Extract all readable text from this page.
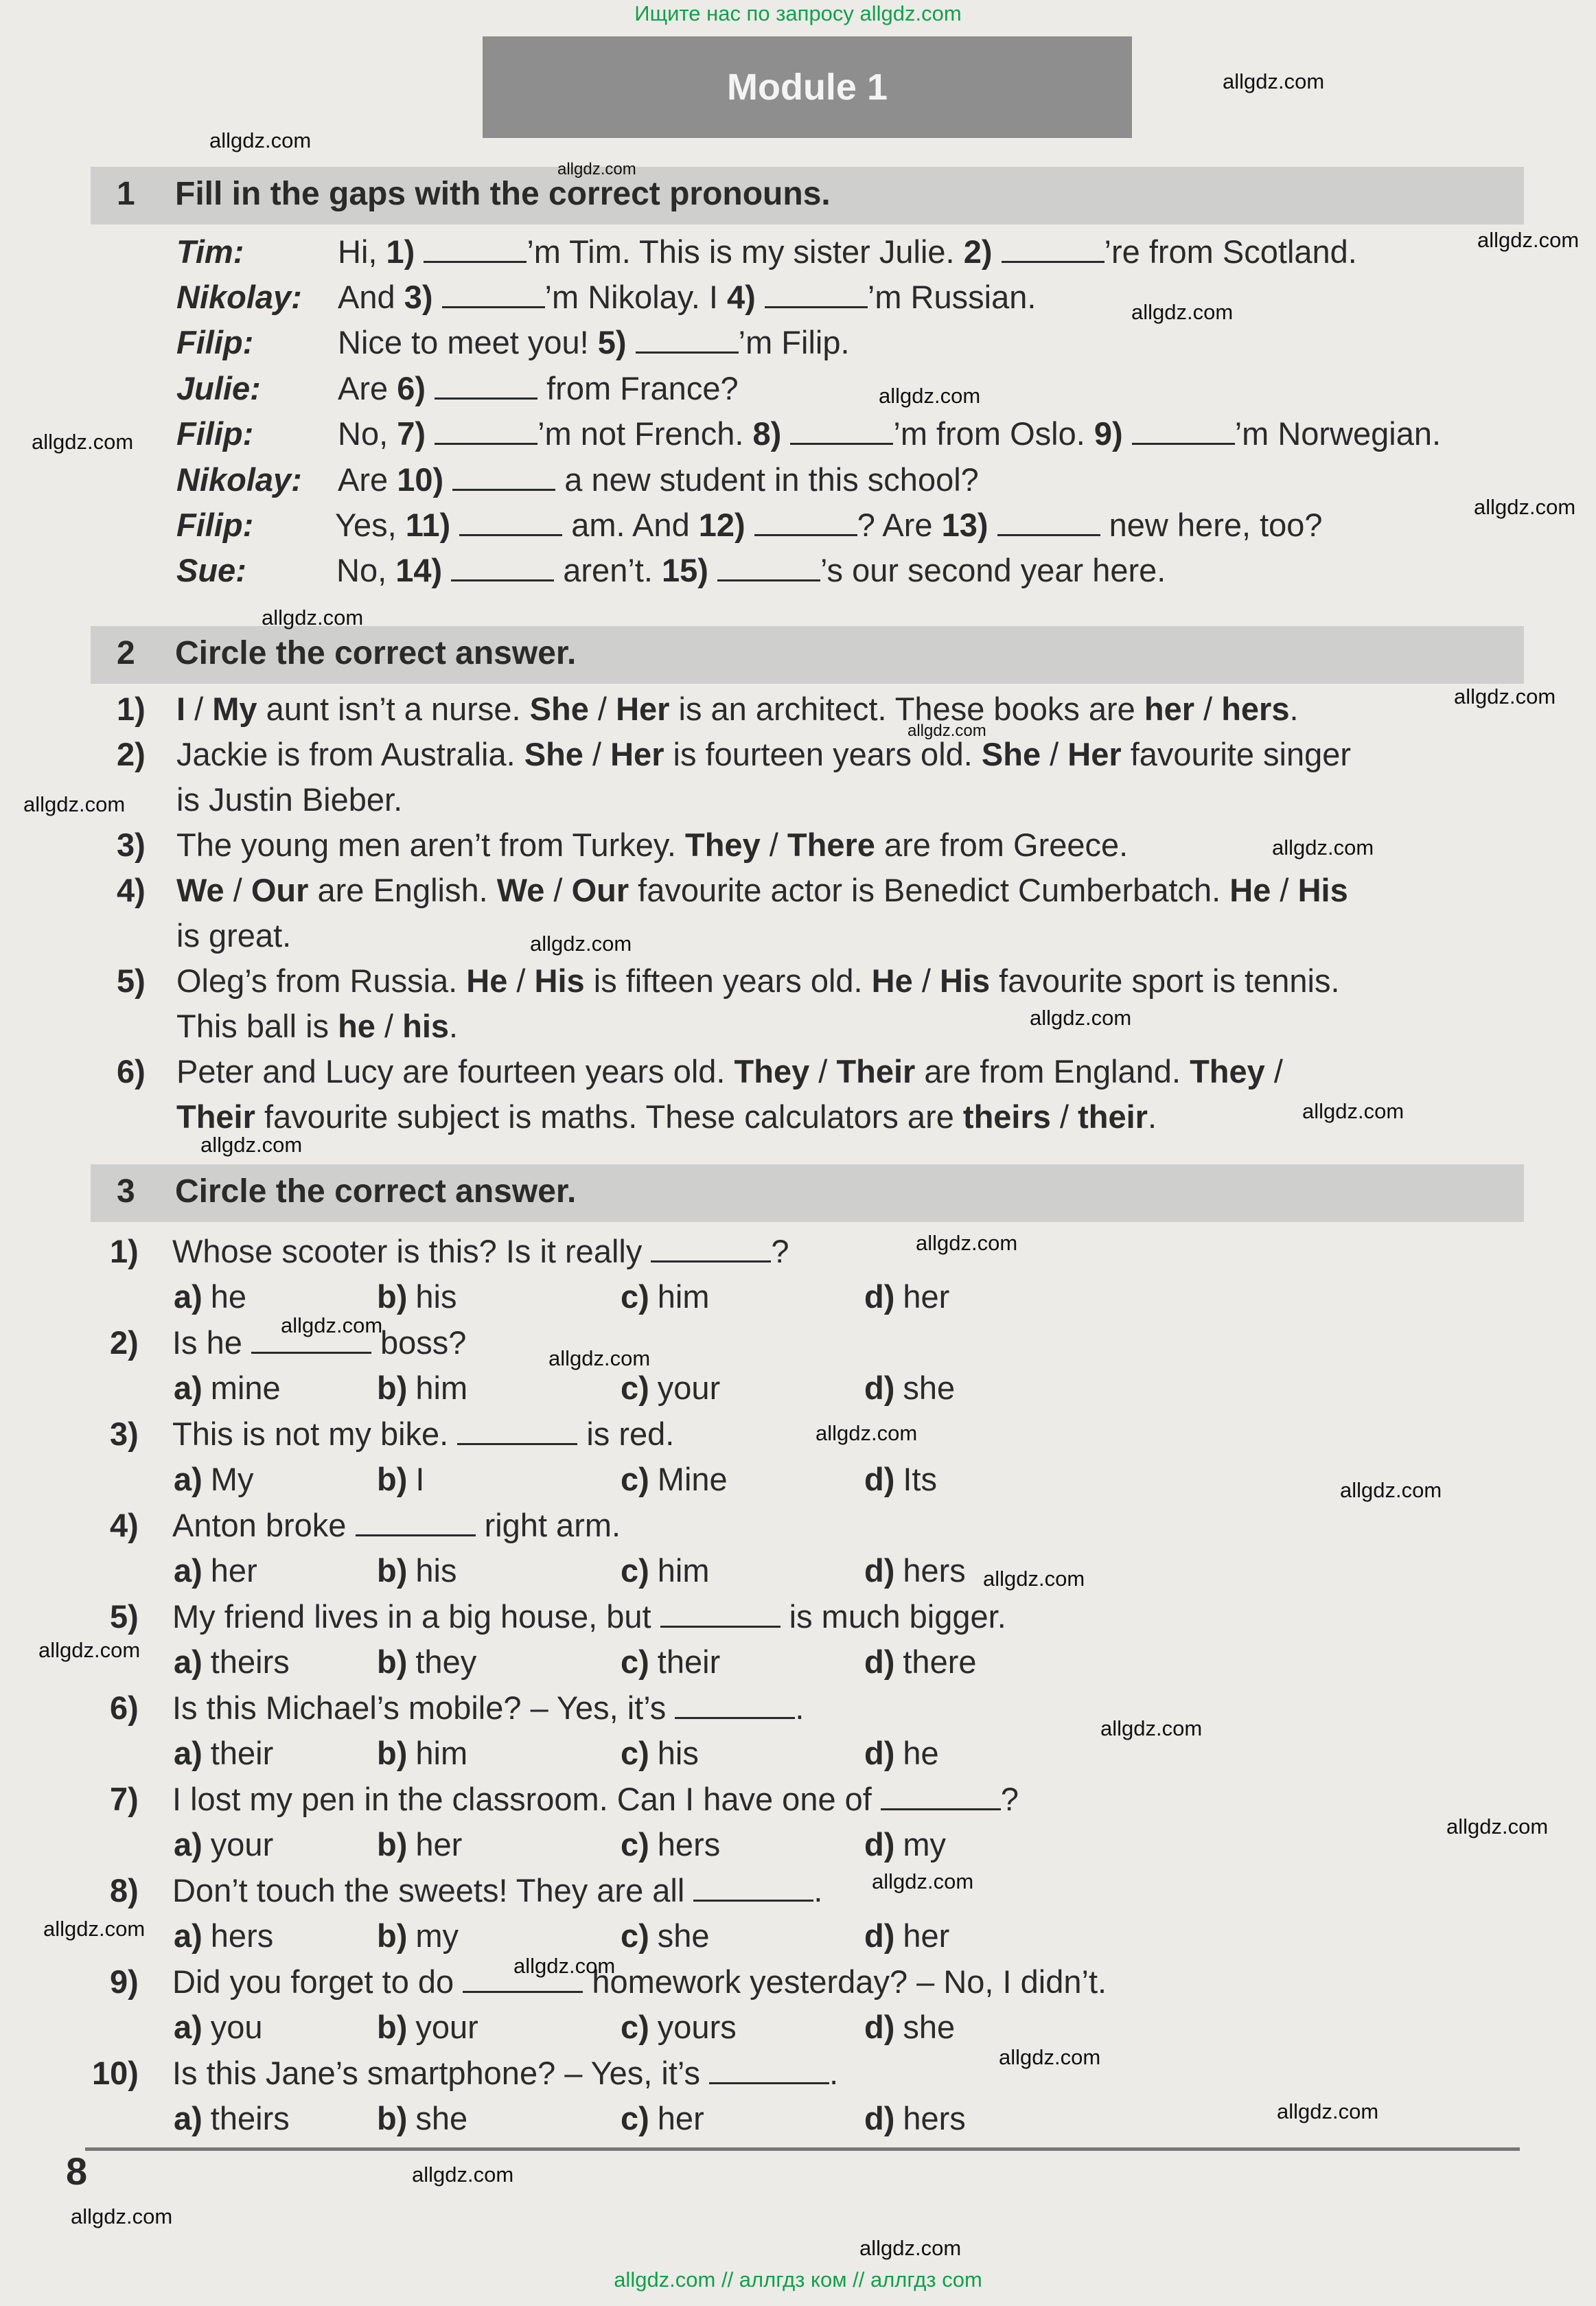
Ищите нас по запросу allgdz.com
Module 1
1 Fill in the gaps with the correct pronouns.
2 Circle the correct answer.
3 Circle the correct answer.
Tim:	Hi, 1)	’m Tim. This is my sister Julie. 2)	’re from Scotland.
Nikolay: And 3)	’m Nikolay. I 4)	’m Russian.
Filip:	Nice to meet you! 5)	’m Filip.
Julie: Are 6)	from France?
Filip:	No, 7)	’m not French. 8)	’m from Oslo. 9)	’m Norwegian.
Nikolay: Are 10)	a new student in this school?
Filip:	Yes, 11)	am. And 12)	? Are 13)	new here, too?
Sue:	No, 14)	aren’t. 15)	’s our second year here.
1) I / My aunt isn’t a nurse. She / Her is an architect. These books are her / hers.
2) Jackie is from Australia. She / Her is fourteen years old. She / Her favourite singer
is Justin Bieber.
3) The young men aren’t from Turkey. They / There are from Greece.
4) We / Our are English. We / Our favourite actor is Benedict Cumberbatch. He / His
is great.
5) Oleg’s from Russia. He / His is fifteen years old. He / His favourite sport is tennis.
This ball is he / his.
6) Peter and Lucy are fourteen years old. They / Their are from England. They /
Their favourite subject is maths. These calculators are theirs / their.
1) Whose scooter is this? Is it really	?
a) he	b) his	c) him	d) her
2) Is he	boss?
a) mine	b) him	c) your	d) she
3) This is not my bike.	is red.
a) My	b) I	c) Mine	d) Its
4) Anton broke	right arm.
a) her	b) his	c) him	d) hers
5) My friend lives in a big house, but	is much bigger.
a) theirs	b) they	c) their	d) there
6) Is this Michael’s mobile? – Yes, it’s	.
a) their	b) him	c) his	d) he
7) I lost my pen in the classroom. Can I have one of	?
a) your	b) her	c) hers	d) my
8) Don’t touch the sweets! They are all	.
a) hers	b) my	c) she	d) her
9) Did you forget to do	homework yesterday? – No, I didn’t.
a) you	b) your	c) yours	d) she
10) Is this Jane’s smartphone? – Yes, it’s	.
a) theirs	b) she	c) her	d) hers
8
allgdz.com
allgdz.com
allgdz.com
allgdz.com
allgdz.com
allgdz.com
allgdz.com
allgdz.com
allgdz.com
allgdz.com
allgdz.com
allgdz.com
allgdz.com
allgdz.com
allgdz.com
allgdz.com
allgdz.com
allgdz.com
allgdz.com
allgdz.com
allgdz.com
allgdz.com
allgdz.com
allgdz.com
allgdz.com
allgdz.com
allgdz.com
allgdz.com
allgdz.com
allgdz.com
allgdz.com
allgdz.com
allgdz.com
allgdz.com
allgdz.com // аллгдз ком // аллгдз com
